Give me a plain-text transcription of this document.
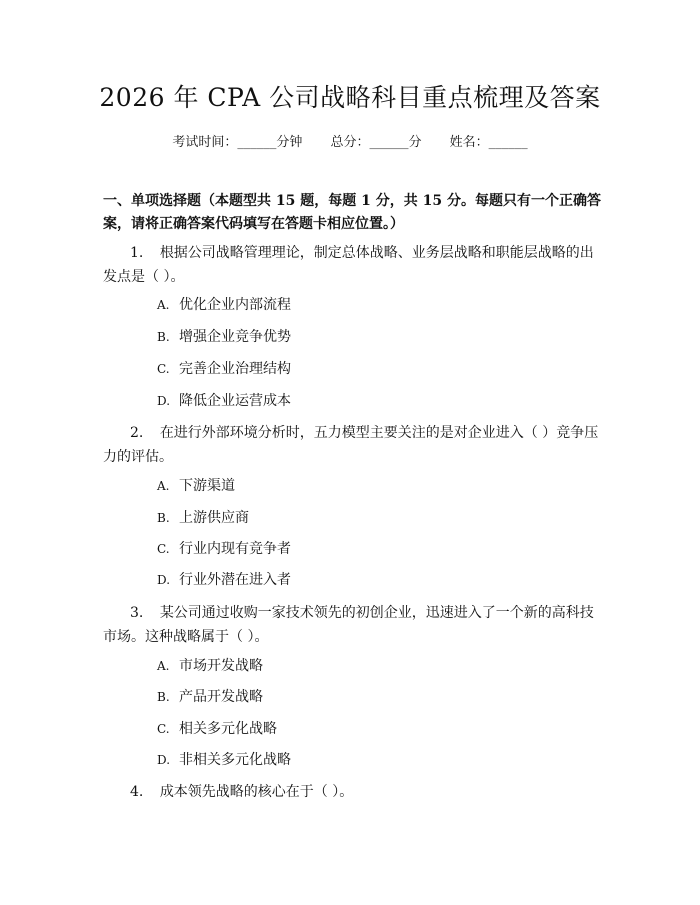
2026 年 CPA 公司战略科目重点梳理及答案
考试时间：______分钟 总分：______分 姓名：______
一、单项选择题（本题型共 15 题，每题 1 分，共 15 分。每题只有一个正确答案，请将正确答案代码填写在答题卡相应位置。）
1. 根据公司战略管理理论，制定总体战略、业务层战略和职能层战略的出发点是（ ）。
A. 优化企业内部流程
B. 增强企业竞争优势
C. 完善企业治理结构
D. 降低企业运营成本
2. 在进行外部环境分析时，五力模型主要关注的是对企业进入（ ）竞争压力的评估。
A. 下游渠道
B. 上游供应商
C. 行业内现有竞争者
D. 行业外潜在进入者
3. 某公司通过收购一家技术领先的初创企业，迅速进入了一个新的高科技市场。这种战略属于（ ）。
A. 市场开发战略
B. 产品开发战略
C. 相关多元化战略
D. 非相关多元化战略
4. 成本领先战略的核心在于（ ）。
